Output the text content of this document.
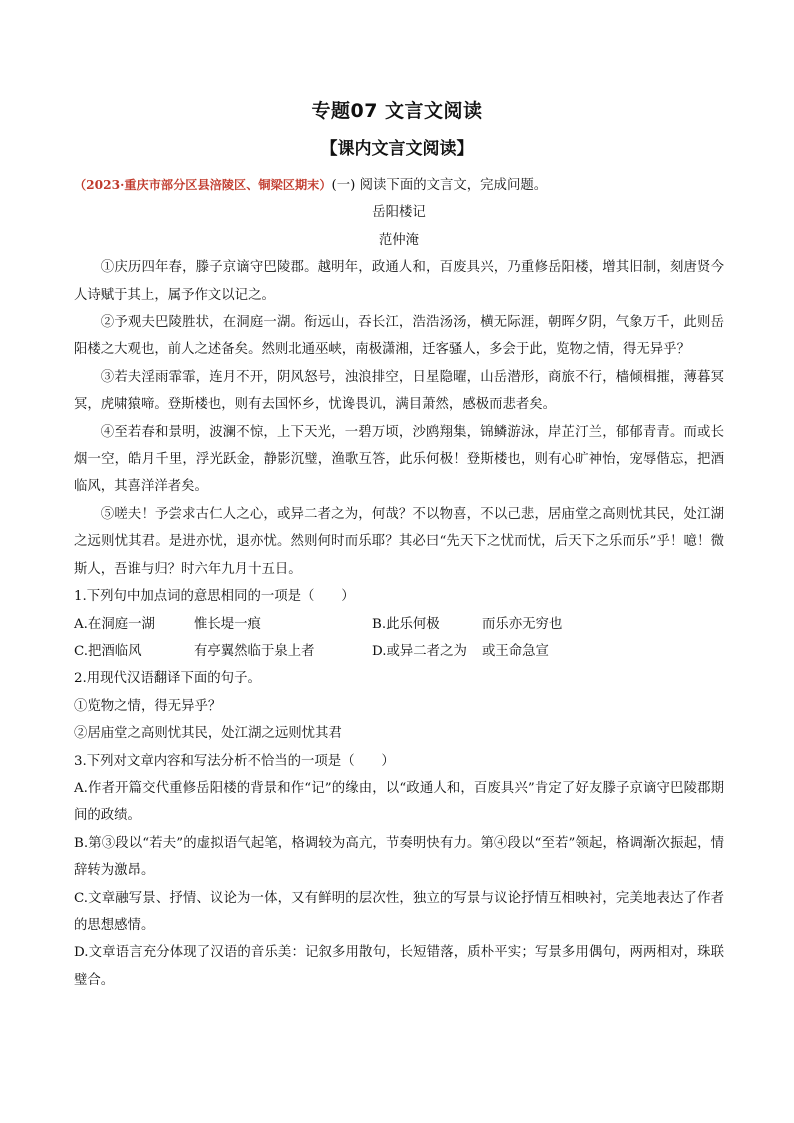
专题07 文言文阅读
【课内文言文阅读】

（2023·重庆市部分区县涪陵区、铜梁区期末）(一) 阅读下面的文言文，完成问题。

岳阳楼记

范仲淹

①庆历四年春，滕子京谪守巴陵郡。越明年，政通人和，百废具兴，乃重修岳阳楼，增其旧制，刻唐贤今人诗赋于其上，属予作文以记之。

②予观夫巴陵胜状，在洞庭一湖。衔远山，吞长江，浩浩汤汤，横无际涯，朝晖夕阴，气象万千，此则岳阳楼之大观也，前人之述备矣。然则北通巫峡，南极潇湘，迁客骚人，多会于此，览物之情，得无异乎？

③若夫淫雨霏霏，连月不开，阴风怒号，浊浪排空，日星隐曜，山岳潜形，商旅不行，樯倾楫摧，薄暮冥冥，虎啸猿啼。登斯楼也，则有去国怀乡，忧谗畏讥，满目萧然，感极而悲者矣。

④至若春和景明，波澜不惊，上下天光，一碧万顷，沙鸥翔集，锦鳞游泳，岸芷汀兰，郁郁青青。而或长烟一空，皓月千里，浮光跃金，静影沉璧，渔歌互答，此乐何极！登斯楼也，则有心旷神怡，宠辱偕忘，把酒临风，其喜洋洋者矣。

⑤嗟夫！予尝求古仁人之心，或异二者之为，何哉？不以物喜，不以己悲，居庙堂之高则忧其民，处江湖之远则忧其君。是进亦忧，退亦忧。然则何时而乐耶？其必曰“先天下之忧而忧，后天下之乐而乐”乎！噫！微斯人，吾谁与归？时六年九月十五日。

1.下列句中加点词的意思相同的一项是（　　）

A.在洞庭一湖	惟长堤一痕	B.此乐何极	而乐亦无穷也
C.把酒临风	有亭翼然临于泉上者	D.或异二者之为	或王命急宣

2.用现代汉语翻译下面的句子。

①览物之情，得无异乎？

②居庙堂之高则忧其民，处江湖之远则忧其君

3.下列对文章内容和写法分析不恰当的一项是（　　）

A.作者开篇交代重修岳阳楼的背景和作“记”的缘由，以“政通人和，百废具兴”肯定了好友滕子京谪守巴陵郡期间的政绩。

B.第③段以“若夫”的虚拟语气起笔，格调较为高亢，节奏明快有力。第④段以“至若”领起，格调渐次振起，情辞转为激昂。

C.文章融写景、抒情、议论为一体，又有鲜明的层次性，独立的写景与议论抒情互相映衬，完美地表达了作者的思想感情。

D.文章语言充分体现了汉语的音乐美：记叙多用散句，长短错落，质朴平实；写景多用偶句，两两相对，珠联璧合。
